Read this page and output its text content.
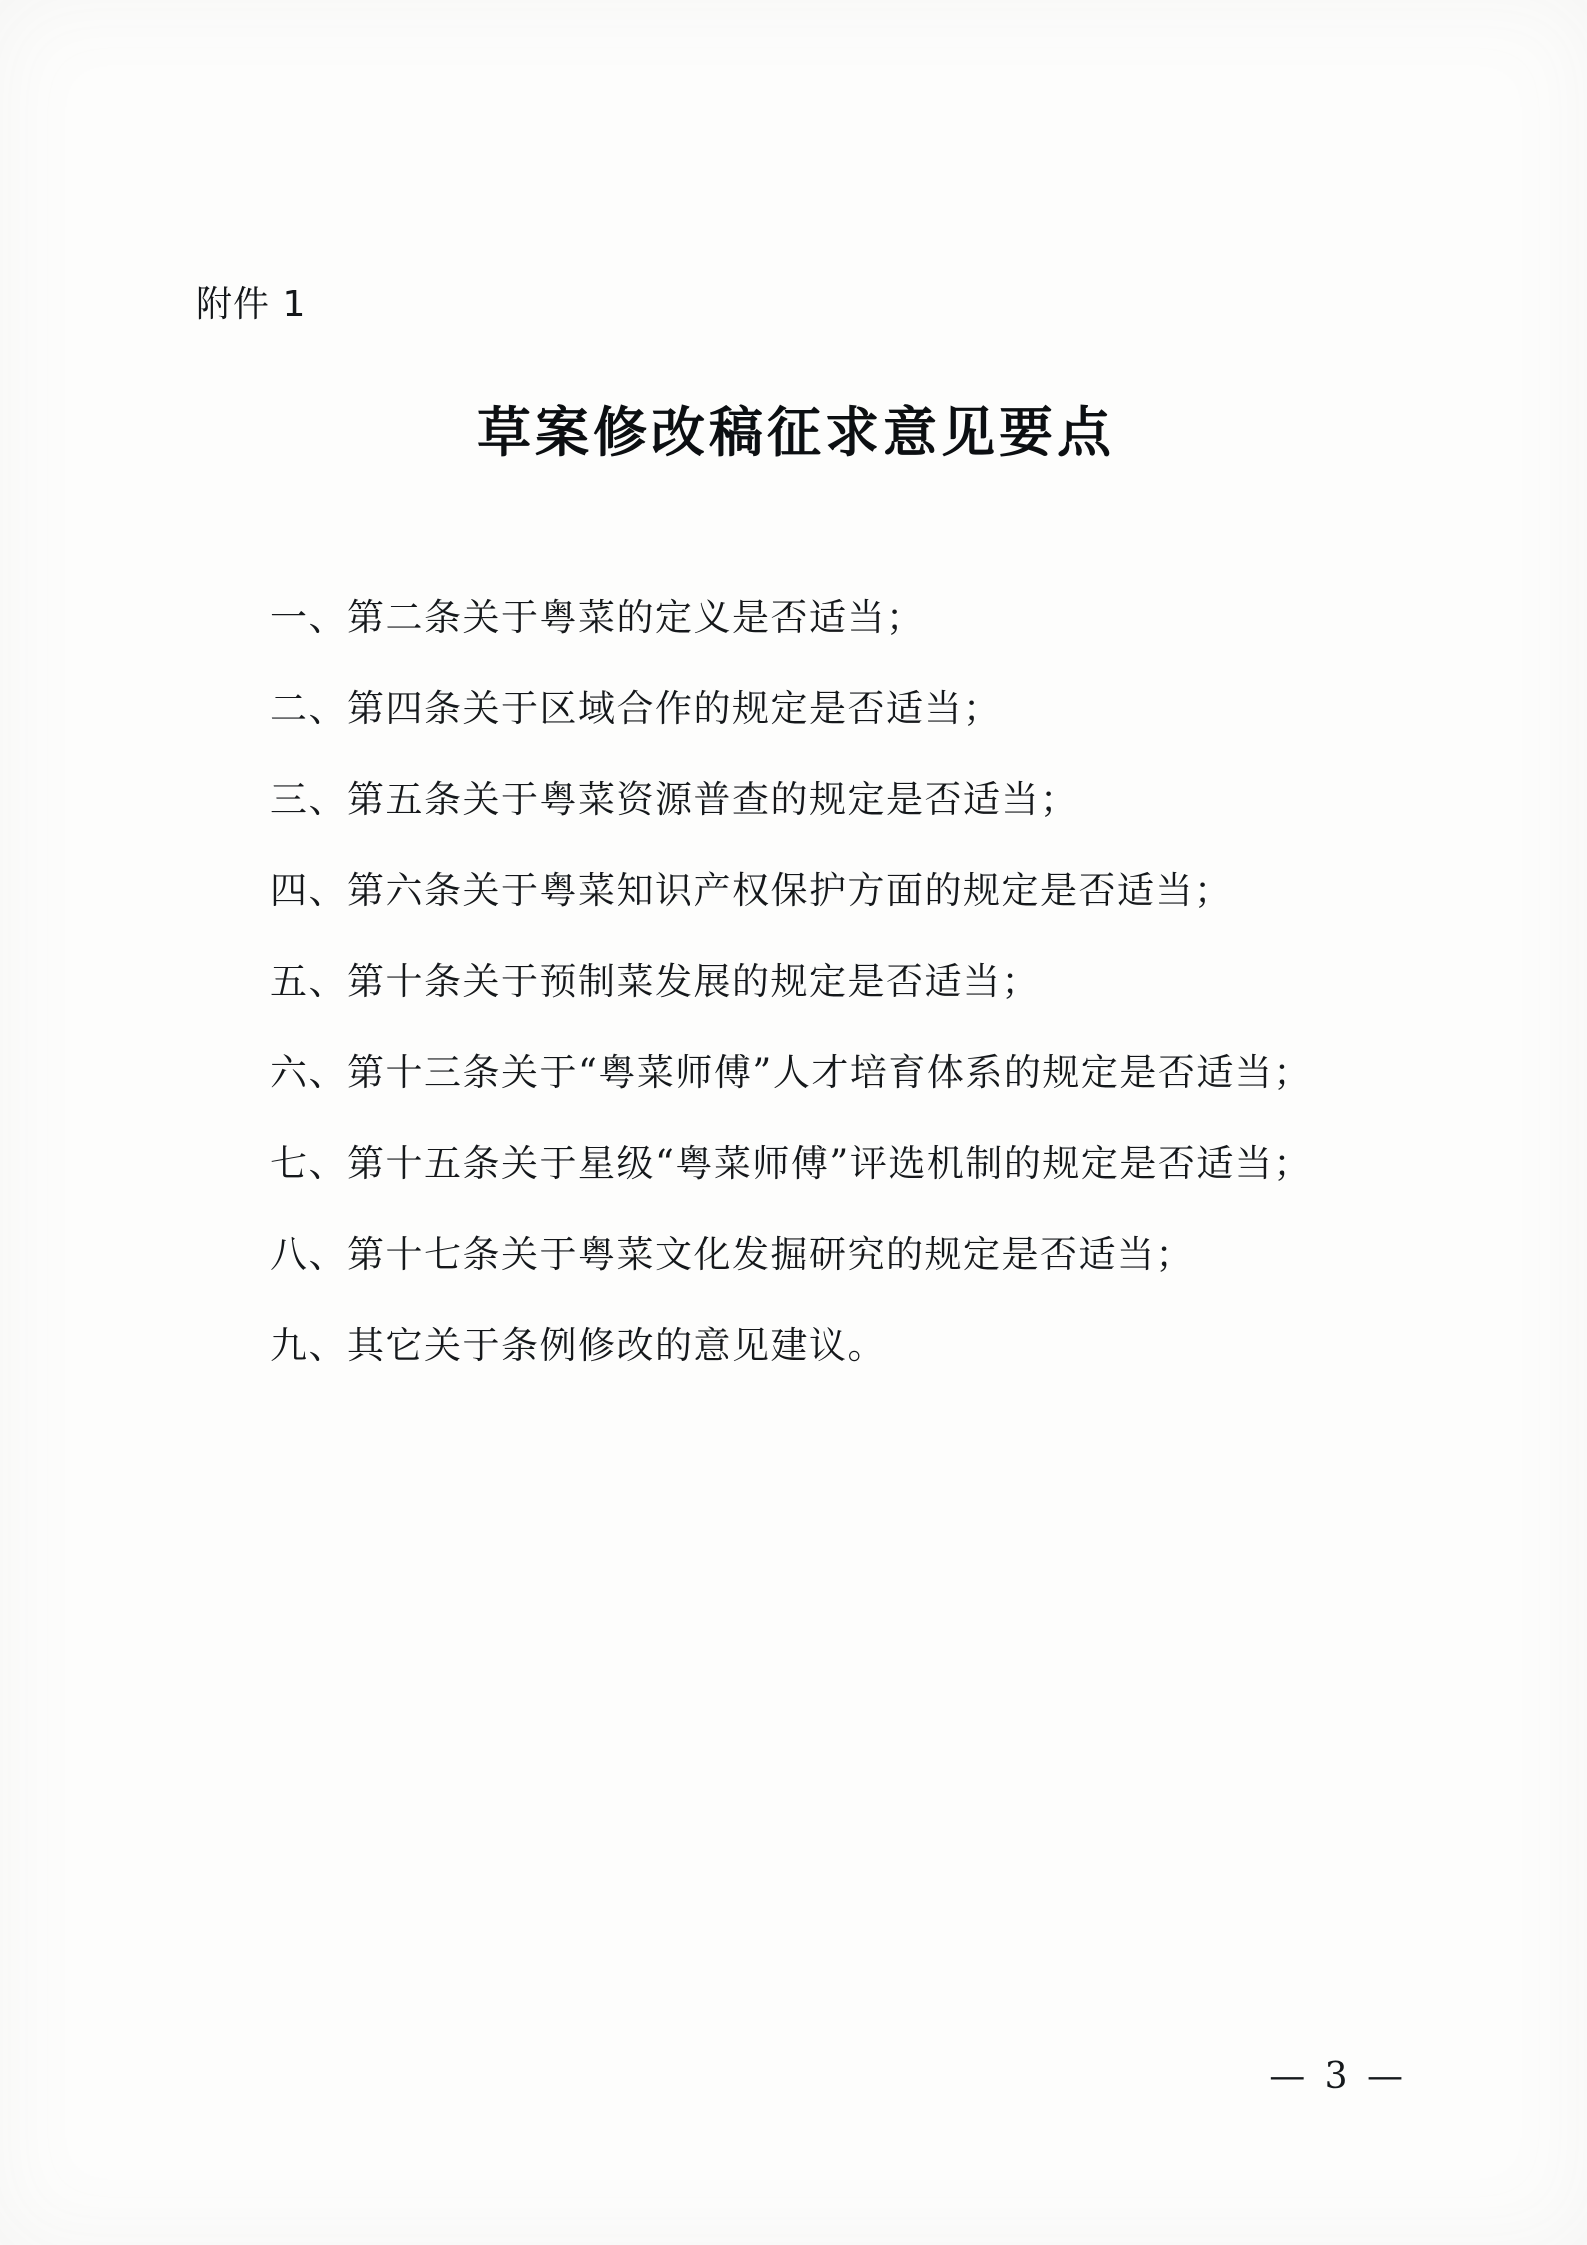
附件 1
草案修改稿征求意见要点
一、第二条关于粤菜的定义是否适当；
二、第四条关于区域合作的规定是否适当；
三、第五条关于粤菜资源普查的规定是否适当；
四、第六条关于粤菜知识产权保护方面的规定是否适当；
五、第十条关于预制菜发展的规定是否适当；
六、第十三条关于“粤菜师傅”人才培育体系的规定是否适当；
七、第十五条关于星级“粤菜师傅”评选机制的规定是否适当；
八、第十七条关于粤菜文化发掘研究的规定是否适当；
九、其它关于条例修改的意见建议。
— 3 —
